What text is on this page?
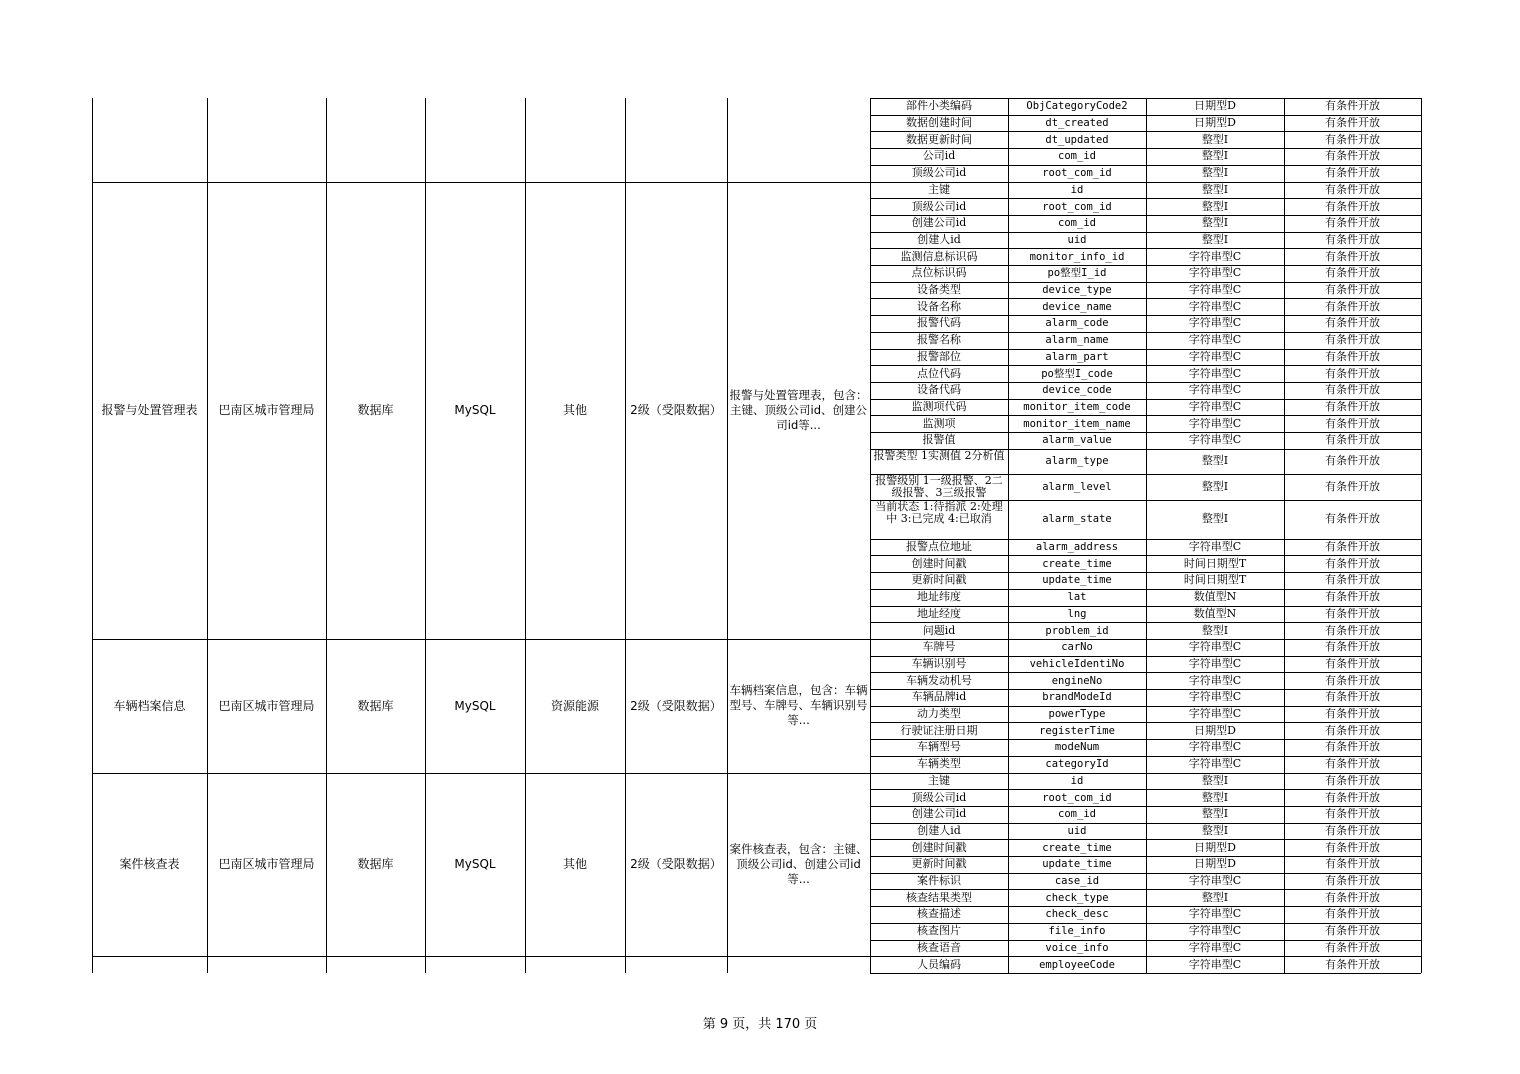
部件小类编码	ObjCategoryCode2	日期型D	有条件开放
数据创建时间	dt_created	日期型D	有条件开放
数据更新时间	dt_updated	整型I	有条件开放
公司id	com_id	整型I	有条件开放
顶级公司id	root_com_id	整型I	有条件开放
主键	id	整型I	有条件开放
顶级公司id	root_com_id	整型I	有条件开放
创建公司id	com_id	整型I	有条件开放
创建人id	uid	整型I	有条件开放
监测信息标识码	monitor_info_id	字符串型C	有条件开放
点位标识码	po整型I_id	字符串型C	有条件开放
设备类型	device_type	字符串型C	有条件开放
设备名称	device_name	字符串型C	有条件开放
报警代码	alarm_code	字符串型C	有条件开放
报警名称	alarm_name	字符串型C	有条件开放
报警部位	alarm_part	字符串型C	有条件开放
点位代码	po整型I_code	字符串型C	有条件开放
设备代码	device_code	字符串型C	有条件开放
监测项代码	monitor_item_code	字符串型C	有条件开放
监测项	monitor_item_name	字符串型C	有条件开放
报警值	alarm_value	字符串型C	有条件开放
报警类型 1实测值 2分析值	alarm_type	整型I	有条件开放
报警级别 1一级报警、2二级报警、3三级报警	alarm_level	整型I	有条件开放
当前状态 1:待指派 2:处理中 3:已完成 4:已取消	alarm_state	整型I	有条件开放
报警点位地址	alarm_address	字符串型C	有条件开放
创建时间戳	create_time	时间日期型T	有条件开放
更新时间戳	update_time	时间日期型T	有条件开放
地址纬度	lat	数值型N	有条件开放
地址经度	lng	数值型N	有条件开放
问题id	problem_id	整型I	有条件开放
报警与处置管理表	巴南区城市管理局	数据库	MySQL	其他	2级（受限数据）
报警与处置管理表，包含：主键、顶级公司id、创建公司id等...
车牌号	carNo	字符串型C	有条件开放
车辆识别号	vehicleIdentiNo	字符串型C	有条件开放
车辆发动机号	engineNo	字符串型C	有条件开放
车辆品牌id	brandModeId	字符串型C	有条件开放
动力类型	powerType	字符串型C	有条件开放
行驶证注册日期	registerTime	日期型D	有条件开放
车辆型号	modeNum	字符串型C	有条件开放
车辆类型	categoryId	字符串型C	有条件开放
车辆档案信息	巴南区城市管理局	数据库	MySQL	资源能源	2级（受限数据）
车辆档案信息，包含：车辆型号、车牌号、车辆识别号等...
主键	id	整型I	有条件开放
顶级公司id	root_com_id	整型I	有条件开放
创建公司id	com_id	整型I	有条件开放
创建人id	uid	整型I	有条件开放
创建时间戳	create_time	日期型D	有条件开放
更新时间戳	update_time	日期型D	有条件开放
案件标识	case_id	字符串型C	有条件开放
核查结果类型	check_type	整型I	有条件开放
核查描述	check_desc	字符串型C	有条件开放
核查图片	file_info	字符串型C	有条件开放
核查语音	voice_info	字符串型C	有条件开放
案件核查表	巴南区城市管理局	数据库	MySQL	其他	2级（受限数据）
案件核查表，包含：主键、顶级公司id、创建公司id等...
人员编码	employeeCode	字符串型C	有条件开放
第 9 页，共 170 页
